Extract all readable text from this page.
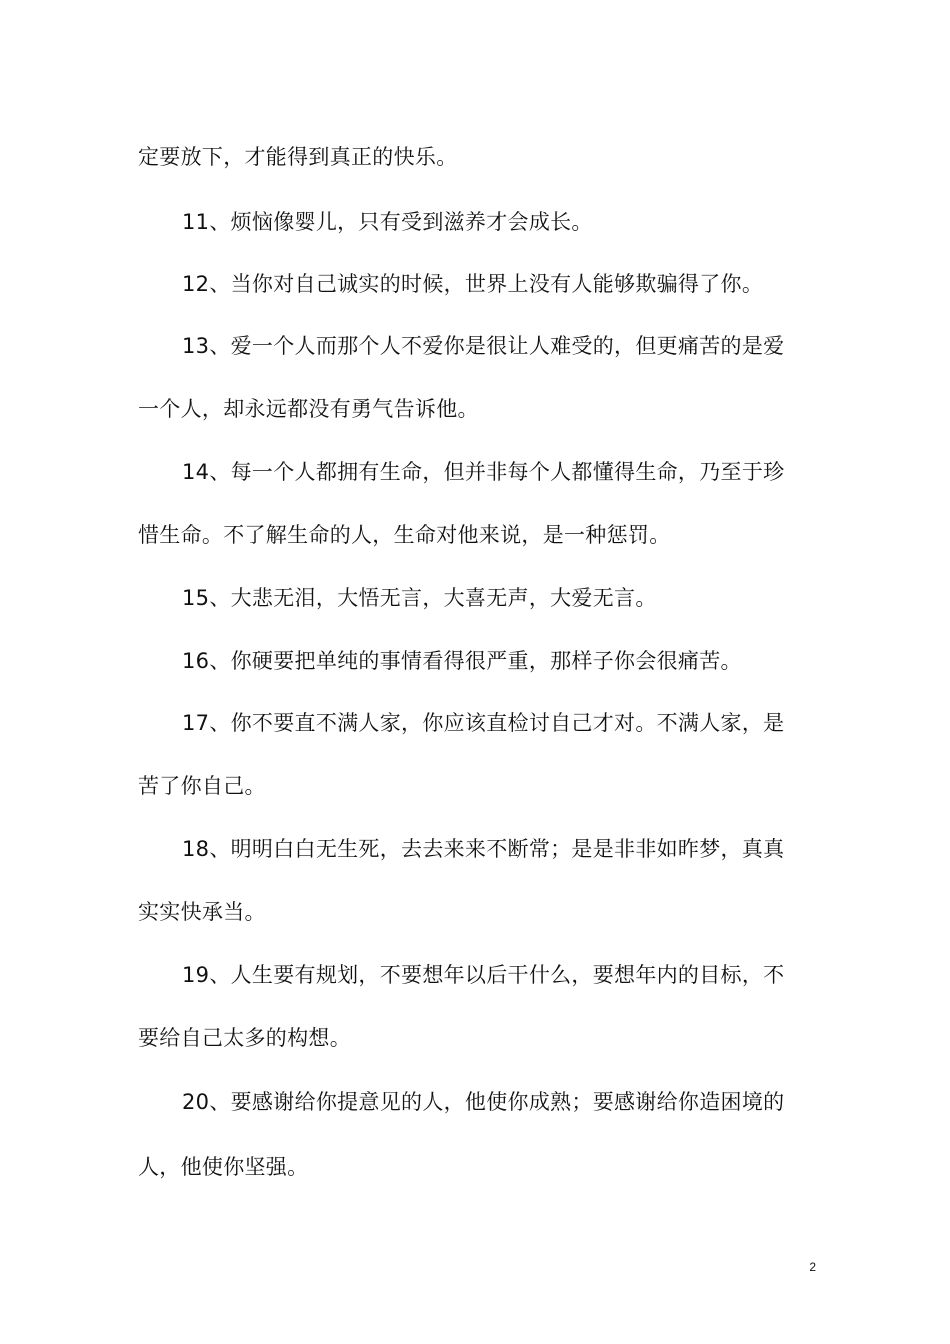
定要放下，才能得到真正的快乐。
11、烦恼像婴儿，只有受到滋养才会成长。
12、当你对自己诚实的时候，世界上没有人能够欺骗得了你。
13、爱一个人而那个人不爱你是很让人难受的，但更痛苦的是爱
一个人，却永远都没有勇气告诉他。
14、每一个人都拥有生命，但并非每个人都懂得生命，乃至于珍
惜生命。不了解生命的人，生命对他来说，是一种惩罚。
15、大悲无泪，大悟无言，大喜无声，大爱无言。
16、你硬要把单纯的事情看得很严重，那样子你会很痛苦。
17、你不要直不满人家，你应该直检讨自己才对。不满人家，是
苦了你自己。
18、明明白白无生死，去去来来不断常；是是非非如昨梦，真真
实实快承当。
19、人生要有规划，不要想年以后干什么，要想年内的目标，不
要给自己太多的构想。
20、要感谢给你提意见的人，他使你成熟；要感谢给你造困境的
人，他使你坚强。
2
